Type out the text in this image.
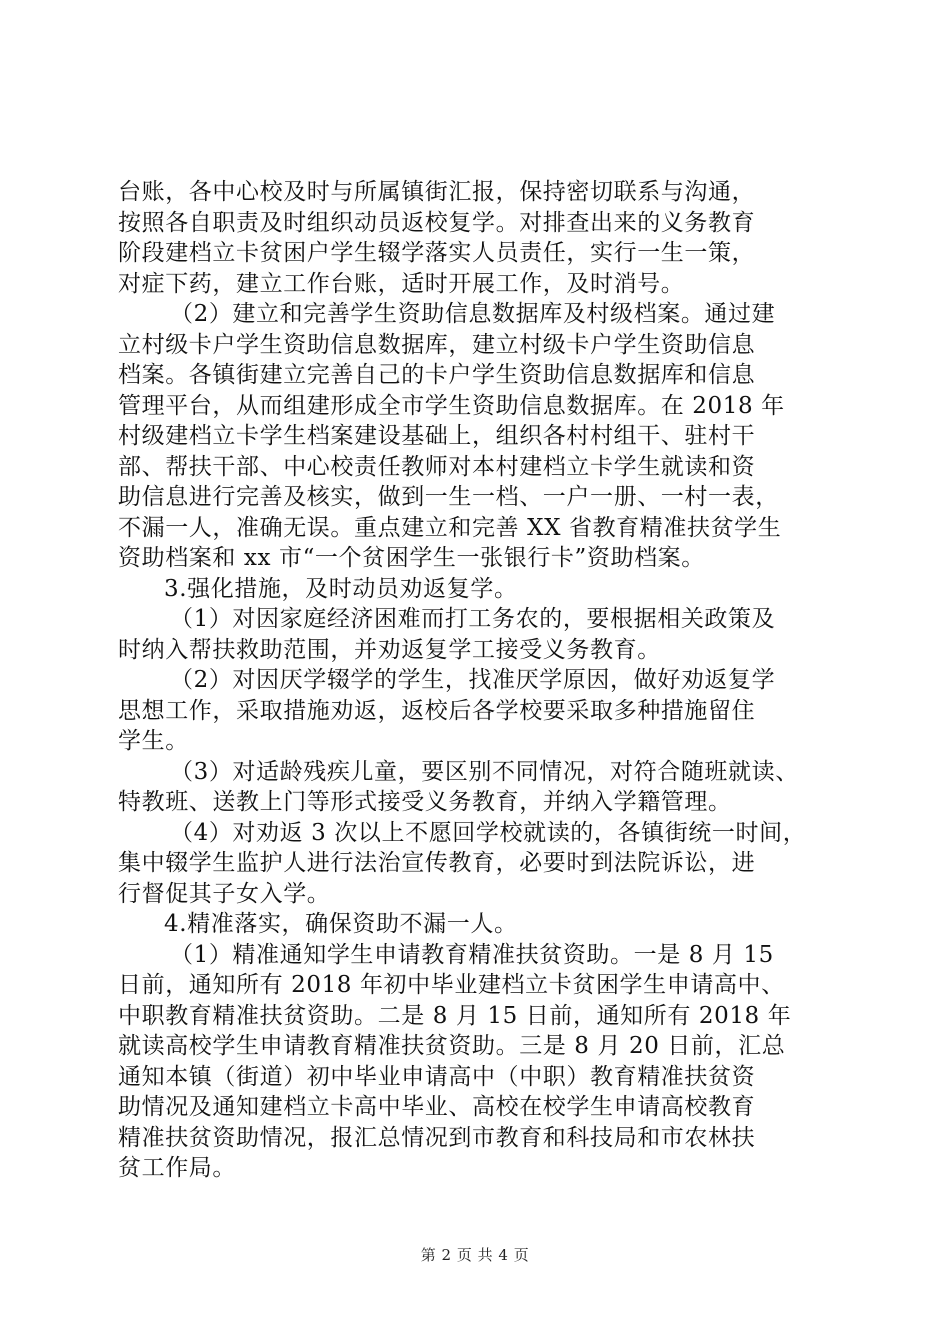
台账，各中心校及时与所属镇街汇报，保持密切联系与沟通，
按照各自职责及时组织动员返校复学。对排查出来的义务教育
阶段建档立卡贫困户学生辍学落实人员责任，实行一生一策，
对症下药，建立工作台账，适时开展工作，及时消号。
（2）建立和完善学生资助信息数据库及村级档案。通过建
立村级卡户学生资助信息数据库，建立村级卡户学生资助信息
档案。各镇街建立完善自己的卡户学生资助信息数据库和信息
管理平台，从而组建形成全市学生资助信息数据库。在 2018 年
村级建档立卡学生档案建设基础上，组织各村村组干、驻村干
部、帮扶干部、中心校责任教师对本村建档立卡学生就读和资
助信息进行完善及核实，做到一生一档、一户一册、一村一表，
不漏一人，准确无误。重点建立和完善 XX 省教育精准扶贫学生
资助档案和 xx 市“一个贫困学生一张银行卡”资助档案。
3.强化措施，及时动员劝返复学。
（1）对因家庭经济困难而打工务农的，要根据相关政策及
时纳入帮扶救助范围，并劝返复学工接受义务教育。
（2）对因厌学辍学的学生，找准厌学原因，做好劝返复学
思想工作，采取措施劝返，返校后各学校要采取多种措施留住
学生。
（3）对适龄残疾儿童，要区别不同情况，对符合随班就读、
特教班、送教上门等形式接受义务教育，并纳入学籍管理。
（4）对劝返 3 次以上不愿回学校就读的，各镇街统一时间，
集中辍学生监护人进行法治宣传教育，必要时到法院诉讼，进
行督促其子女入学。
4.精准落实，确保资助不漏一人。
（1）精准通知学生申请教育精准扶贫资助。一是 8 月 15
日前，通知所有 2018 年初中毕业建档立卡贫困学生申请高中、
中职教育精准扶贫资助。二是 8 月 15 日前，通知所有 2018 年
就读高校学生申请教育精准扶贫资助。三是 8 月 20 日前，汇总
通知本镇（街道）初中毕业申请高中（中职）教育精准扶贫资
助情况及通知建档立卡高中毕业、高校在校学生申请高校教育
精准扶贫资助情况，报汇总情况到市教育和科技局和市农林扶
贫工作局。
第 2 页 共 4 页
